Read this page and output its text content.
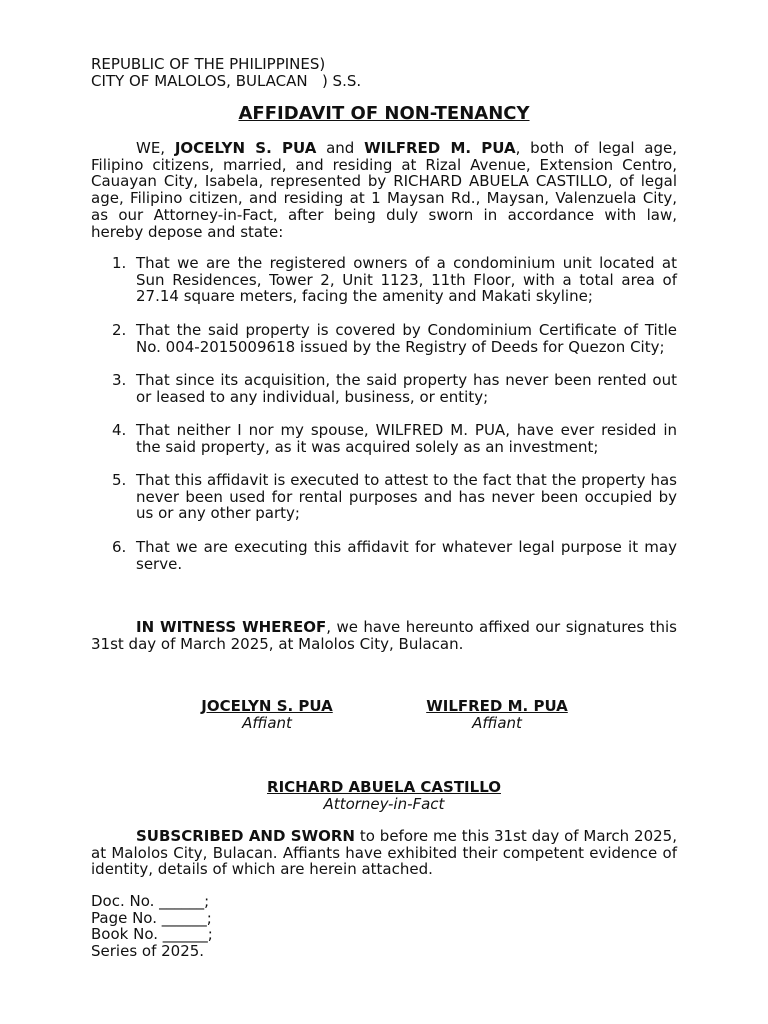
REPUBLIC OF THE PHILIPPINES)
CITY OF MALOLOS, BULACAN   ) S.S.
AFFIDAVIT OF NON-TENANCY

WE, JOCELYN S. PUA and WILFRED M. PUA, both of legal age, Filipino citizens, married, and residing at Rizal Avenue, Extension Centro, Cauayan City, Isabela, represented by RICHARD ABUELA CASTILLO, of legal age, Filipino citizen, and residing at 1 Maysan Rd., Maysan, Valenzuela City, as our Attorney-in-Fact, after being duly sworn in accordance with law, hereby depose and state:

1. That we are the registered owners of a condominium unit located at Sun Residences, Tower 2, Unit 1123, 11th Floor, with a total area of 27.14 square meters, facing the amenity and Makati skyline;
2. That the said property is covered by Condominium Certificate of Title No. 004-2015009618 issued by the Registry of Deeds for Quezon City;
3. That since its acquisition, the said property has never been rented out or leased to any individual, business, or entity;
4. That neither I nor my spouse, WILFRED M. PUA, have ever resided in the said property, as it was acquired solely as an investment;
5. That this affidavit is executed to attest to the fact that the property has never been used for rental purposes and has never been occupied by us or any other party;
6. That we are executing this affidavit for whatever legal purpose it may serve.

IN WITNESS WHEREOF, we have hereunto affixed our signatures this 31st day of March 2025, at Malolos City, Bulacan.

JOCELYN S. PUA
Affiant
WILFRED M. PUA
Affiant
RICHARD ABUELA CASTILLO
Attorney-in-Fact

SUBSCRIBED AND SWORN to before me this 31st day of March 2025, at Malolos City, Bulacan. Affiants have exhibited their competent evidence of identity, details of which are herein attached.

Doc. No. ______;
Page No. ______;
Book No. ______;
Series of 2025.
